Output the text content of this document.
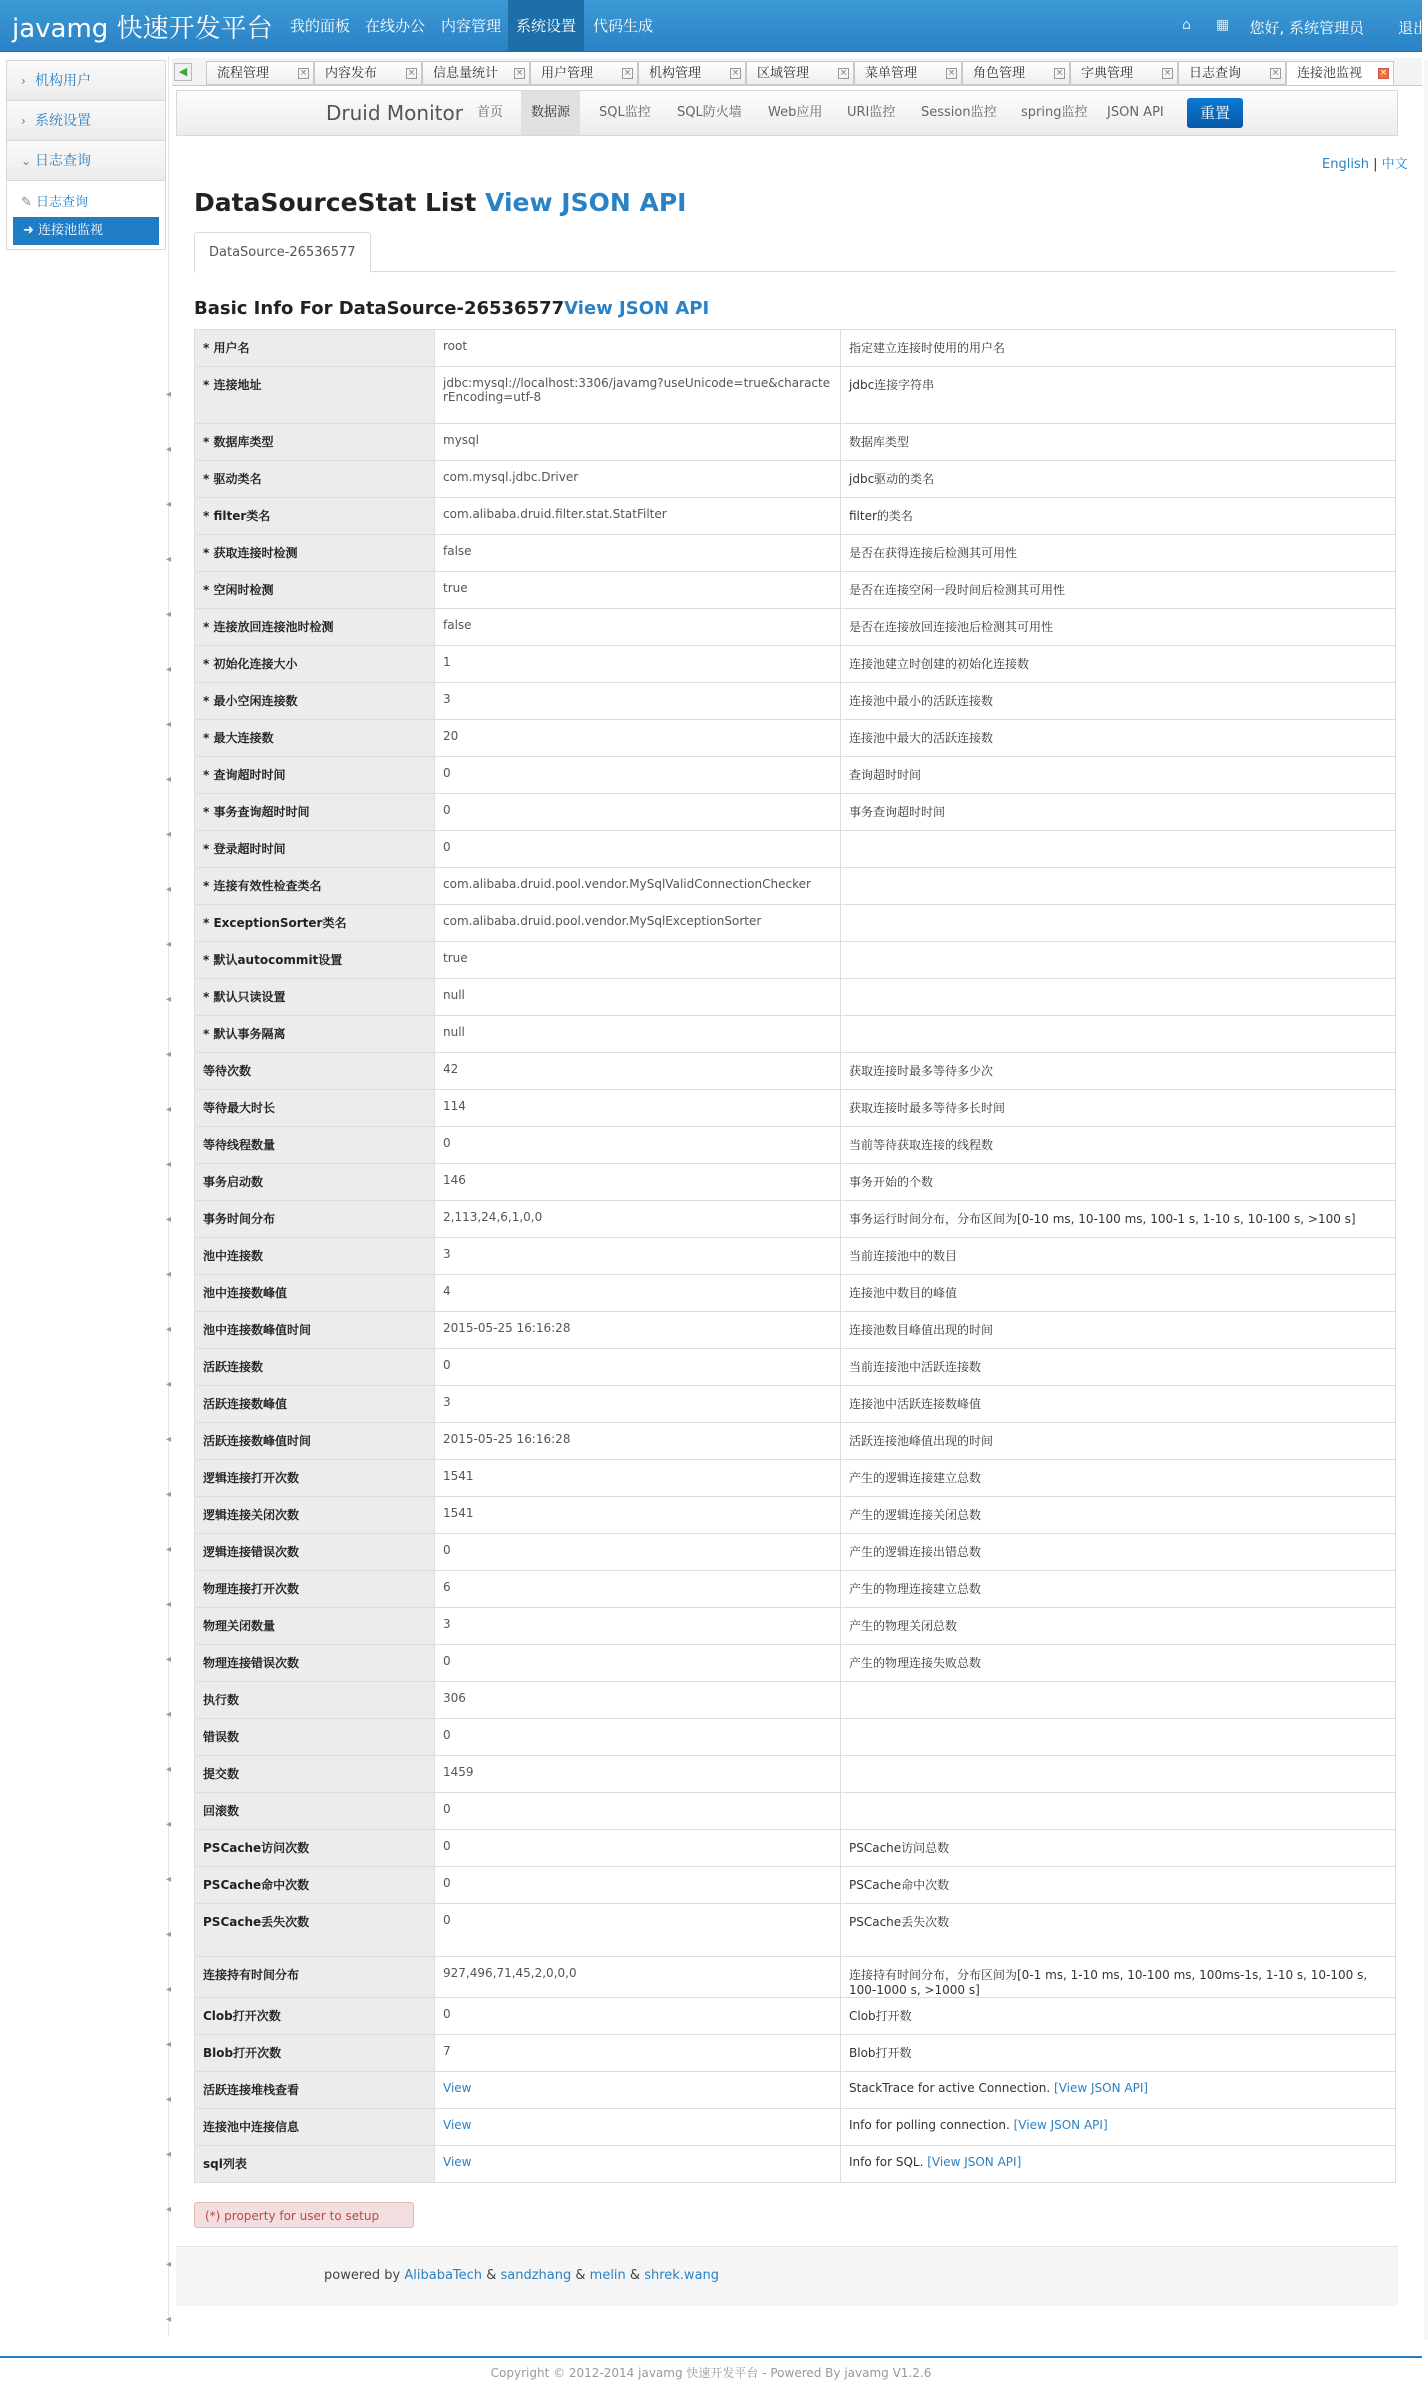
javamg 快速开发平台	我的面板 在线办公	内容管理 系统设置	代码生成	⌂	▦ 您好, 系统管理员 退出
› 机构用户
› 系统设置
⌄ 日志查询
✎ 日志查询
➜ 连接池监视
流程管理	×	内容发布	×	信息量统计 ×	用户管理	×	机构管理	×	区域管理	×	菜单管理	×	角色管理	×	字典管理	×	日志查询	×	连接池监视 ×
◀
Druid Monitor	首页	数据源	SQL监控	SQL防火墙	Web应用	URI监控	Session监控	spring监控	JSON API	重置
English | 中文
DataSourceStat List View JSON API
DataSource-26536577
Basic Info For DataSource-26536577View JSON API
* 用户名	root	指定建立连接时使用的用户名
* 连接地址	jdbc:mysql://localhost:3306/javamg?useUnicode=true&characterEncoding=utf-8	jdbc连接字符串
* 数据库类型	mysql	数据库类型
* 驱动类名	com.mysql.jdbc.Driver	jdbc驱动的类名
* filter类名	com.alibaba.druid.filter.stat.StatFilter	filter的类名
* 获取连接时检测	false	是否在获得连接后检测其可用性
* 空闲时检测	true	是否在连接空闲一段时间后检测其可用性
* 连接放回连接池时检测	false	是否在连接放回连接池后检测其可用性
* 初始化连接大小	1	连接池建立时创建的初始化连接数
* 最小空闲连接数	3	连接池中最小的活跃连接数
* 最大连接数	20	连接池中最大的活跃连接数
* 查询超时时间	0	查询超时时间
* 事务查询超时时间	0	事务查询超时时间
* 登录超时时间	0	
* 连接有效性检查类名	com.alibaba.druid.pool.vendor.MySqlValidConnectionChecker	
* ExceptionSorter类名	com.alibaba.druid.pool.vendor.MySqlExceptionSorter	
* 默认autocommit设置	true	
* 默认只读设置	null	
* 默认事务隔离	null	
等待次数	42	获取连接时最多等待多少次
等待最大时长	114	获取连接时最多等待多长时间
等待线程数量	0	当前等待获取连接的线程数
事务启动数	146	事务开始的个数
事务时间分布	2,113,24,6,1,0,0	事务运行时间分布，分布区间为[0-10 ms, 10-100 ms, 100-1 s, 1-10 s, 10-100 s, >100 s]
池中连接数	3	当前连接池中的数目
池中连接数峰值	4	连接池中数目的峰值
池中连接数峰值时间	2015-05-25 16:16:28	连接池数目峰值出现的时间
活跃连接数	0	当前连接池中活跃连接数
活跃连接数峰值	3	连接池中活跃连接数峰值
活跃连接数峰值时间	2015-05-25 16:16:28	活跃连接池峰值出现的时间
逻辑连接打开次数	1541	产生的逻辑连接建立总数
逻辑连接关闭次数	1541	产生的逻辑连接关闭总数
逻辑连接错误次数	0	产生的逻辑连接出错总数
物理连接打开次数	6	产生的物理连接建立总数
物理关闭数量	3	产生的物理关闭总数
物理连接错误次数	0	产生的物理连接失败总数
执行数	306	
错误数	0	
提交数	1459	
回滚数	0	
PSCache访问次数	0	PSCache访问总数
PSCache命中次数	0	PSCache命中次数
PSCache丢失次数	0	PSCache丢失次数
连接持有时间分布	927,496,71,45,2,0,0,0	连接持有时间分布，分布区间为[0-1 ms, 1-10 ms, 10-100 ms, 100ms-1s, 1-10 s, 10-100 s, 100-1000 s, >1000 s]
Clob打开次数	0	Clob打开数
Blob打开次数	7	Blob打开数
活跃连接堆栈查看	View	StackTrace for active Connection. [View JSON API]
连接池中连接信息	View	Info for polling connection. [View JSON API]
sql列表	View	Info for SQL. [View JSON API]
(*) property for user to setup
powered by AlibabaTech & sandzhang & melin & shrek.wang
Copyright © 2012-2014 javamg 快速开发平台 - Powered By javamg V1.2.6
◂
◂
◂
◂
◂
◂
◂
◂
◂
◂
◂
◂
◂
◂
◂
◂
◂
◂
◂
◂
◂
◂
◂
◂
◂
◂
◂
◂
◂
◂
◂
◂
◂
◂
◂
◂
